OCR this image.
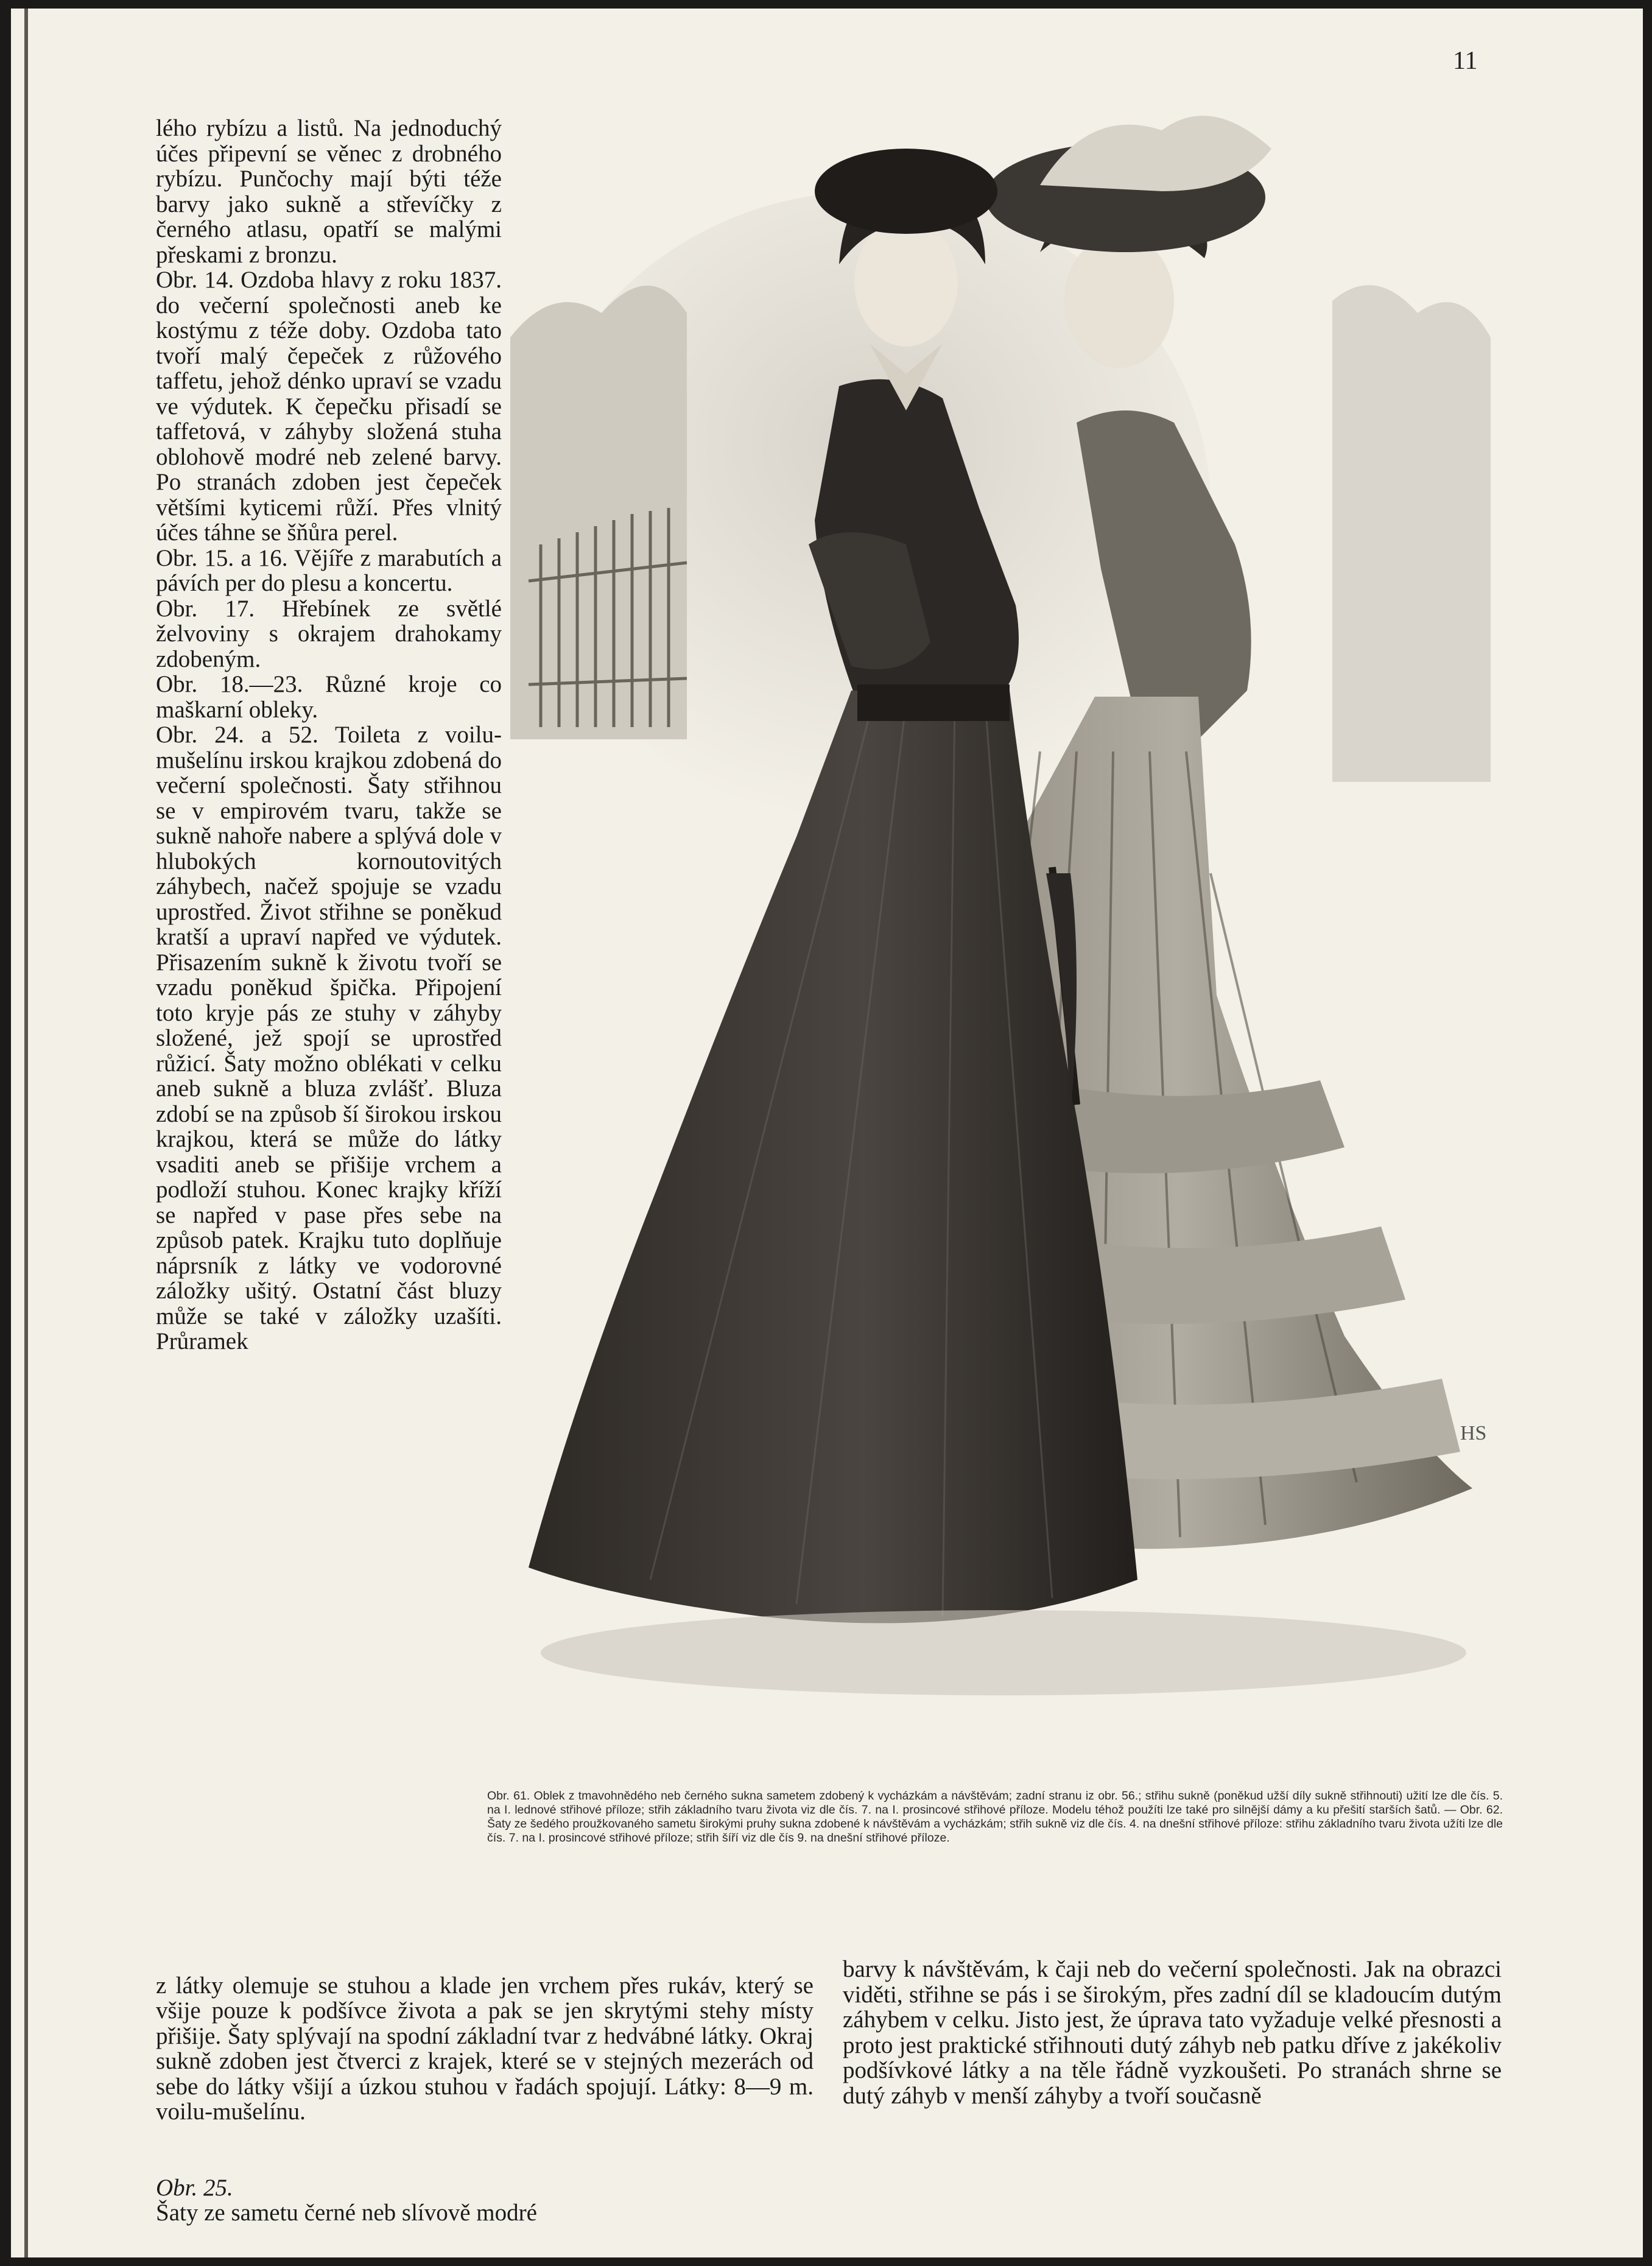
11
lého rybízu a listů. Na jednoduchý účes připevní se věnec z drobného rybízu. Punčochy mají býti téže barvy jako sukně a střevíčky z černého atlasu, opatří se malými přeskami z bronzu.
Obr. 14. Ozdoba hlavy z roku 1837. do večerní společnosti aneb ke kostýmu z téže doby. Ozdoba tato tvoří malý čepeček z růžového taffetu, jehož dénko upraví se vzadu ve výdutek. K čepečku přisadí se taffetová, v záhyby složená stuha oblohově modré neb zelené barvy. Po stranách zdoben jest čepeček většími kyticemi růží. Přes vlnitý účes táhne se šňůra perel.
Obr. 15. a 16. Vějíře z marabutích a pávích per do plesu a koncertu.
Obr. 17. Hřebínek ze světlé želvoviny s okrajem drahokamy zdobeným.
Obr. 18.—23. Různé kroje co maškarní obleky.
Obr. 24. a 52. Toileta z voilu-mušelínu irskou krajkou zdobená do večerní společnosti. Šaty střihnou se v empirovém tvaru, takže se sukně nahoře nabere a splývá dole v hlubokých kornoutovitých záhybech, načež spojuje se vzadu uprostřed. Život střihne se poněkud kratší a upraví napřed ve výdutek. Přisazením sukně k životu tvoří se vzadu poněkud špička. Připojení toto kryje pás ze stuhy v záhyby složené, jež spojí se uprostřed růžicí. Šaty možno oblékati v celku aneb sukně a bluza zvlášť. Bluza zdobí se na způsob ší širokou irskou krajkou, která se může do látky vsaditi aneb se přišije vrchem a podloží stuhou. Konec krajky kříží se napřed v pase přes sebe na způsob patek. Krajku tuto doplňuje náprsník z látky ve vodorovné záložky ušitý. Ostatní část bluzy může se také v záložky uzašíti. Průramek
HS
Obr. 61. Oblek z tmavohnědého neb černého sukna sametem zdobený k vycházkám a návštěvám; zadní stranu iz obr. 56.; střihu sukně (poněkud užší díly sukně střihnouti) užití lze dle čís. 5. na I. lednové střihové příloze; střih základního tvaru života viz dle čís. 7. na I. prosincové střihové příloze. Modelu téhož použíti lze také pro silnější dámy a ku přešití starších šatů. — Obr. 62. Šaty ze šedého proužkovaného sametu širokými pruhy sukna zdobené k návštěvám a vycházkám; střih sukně viz dle čís. 4. na dnešní střihové příloze: střihu základního tvaru života užíti lze dle čís. 7. na I. prosincové střihové příloze; střih šíří viz dle čís 9. na dnešní střihové příloze.

z látky olemuje se stuhou a klade jen vrchem přes rukáv, který se všije pouze k podšívce života a pak se jen skrytými stehy místy přišije. Šaty splývají na spodní základní tvar z hedvábné látky. Okraj sukně zdoben jest čtverci z krajek, které se v stejných mezerách od sebe do látky všijí a úzkou stuhou v řadách spojují. Látky: 8—9 m. voilu-mušelínu.

Obr. 25.
Šaty ze sametu černé neb slívově modré

barvy k návštěvám, k čaji neb do večerní společnosti. Jak na obrazci viděti, střihne se pás i se širokým, přes zadní díl se kladoucím dutým záhybem v celku. Jisto jest, že úprava tato vyžaduje velké přesnosti a proto jest praktické střihnouti dutý záhyb neb patku dříve z jakékoliv podšívkové látky a na těle řádně vyzkoušeti. Po stranách shrne se dutý záhyb v menší záhyby a tvoří současně
